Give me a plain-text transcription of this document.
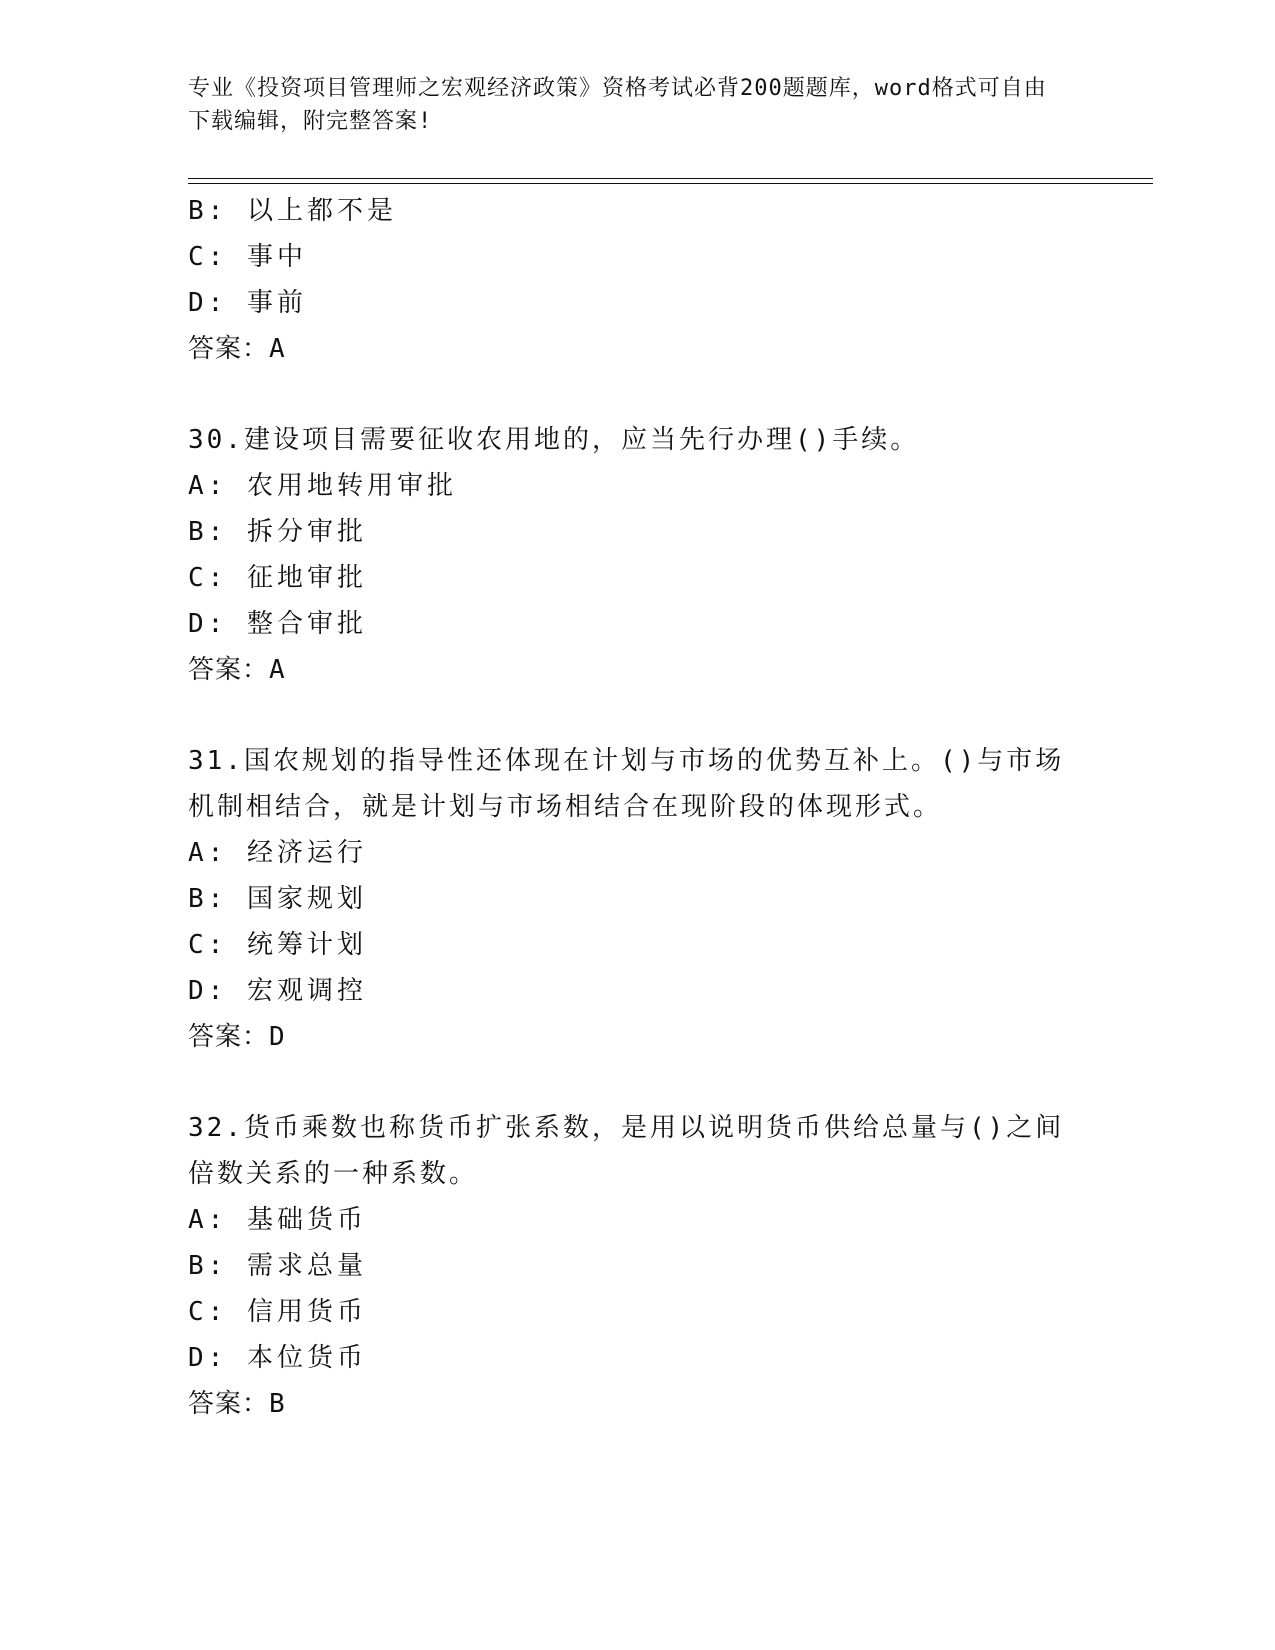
专业《投资项目管理师之宏观经济政策》资格考试必背200题题库，word格式可自由下载编辑，附完整答案!
B: 以上都不是
C: 事中
D: 事前
答案：A
30.建设项目需要征收农用地的，应当先行办理()手续。
A: 农用地转用审批
B: 拆分审批
C: 征地审批
D: 整合审批
答案：A
31.国农规划的指导性还体现在计划与市场的优势互补上。()与市场机制相结合，就是计划与市场相结合在现阶段的体现形式。
A: 经济运行
B: 国家规划
C: 统筹计划
D: 宏观调控
答案：D
32.货币乘数也称货币扩张系数，是用以说明货币供给总量与()之间倍数关系的一种系数。
A: 基础货币
B: 需求总量
C: 信用货币
D: 本位货币
答案：B
